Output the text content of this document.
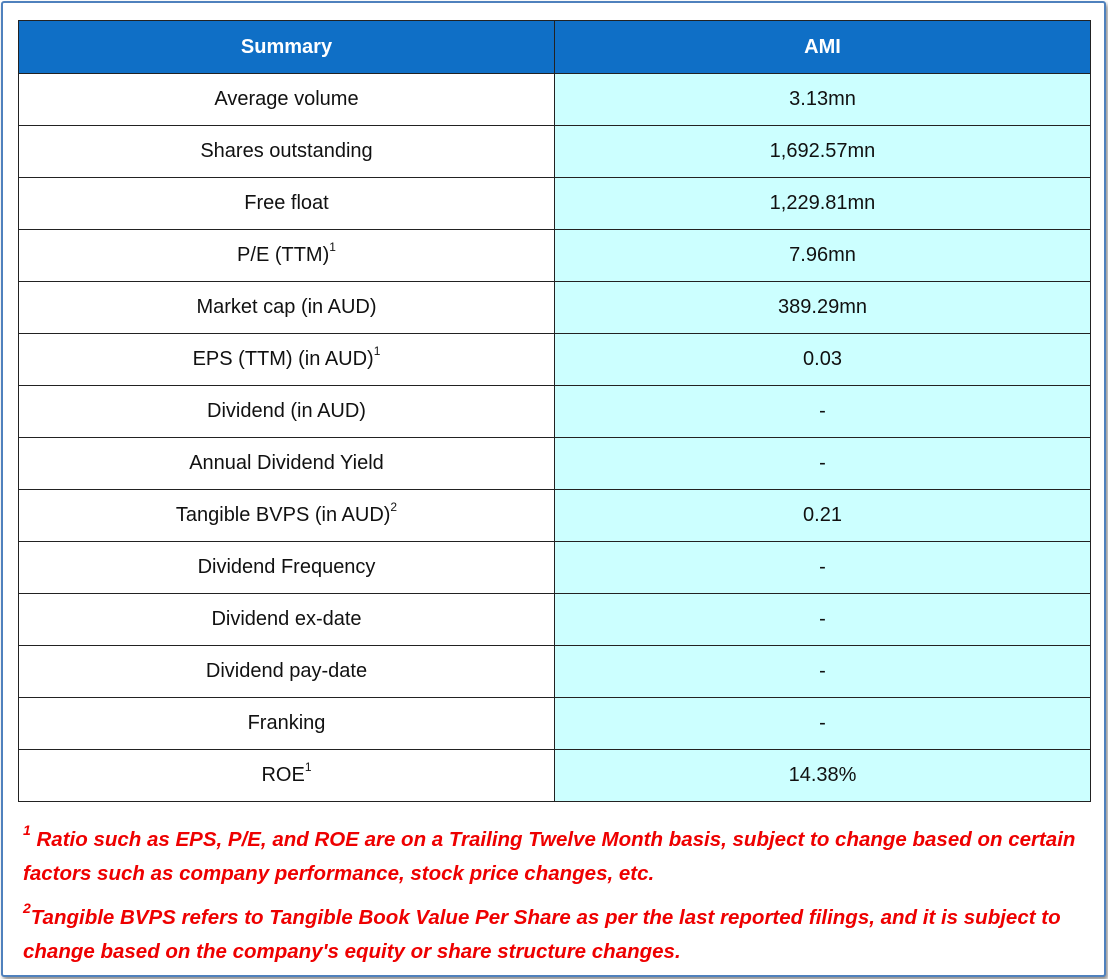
Summary	AMI
Average volume	3.13mn
Shares outstanding	1,692.57mn
Free float	1,229.81mn
P/E (TTM)$^1$	7.96mn
Market cap (in AUD)	389.29mn
EPS (TTM) (in AUD)$^1$	0.03
Dividend (in AUD)	-
Annual Dividend Yield	-
Tangible BVPS (in AUD)$^2$	0.21
Dividend Frequency	-
Dividend ex-date	-
Dividend pay-date	-
Franking	-
ROE$^1$	14.38%

$^1$ Ratio such as EPS, P/E, and ROE are on a Trailing Twelve Month basis, subject to change based on certain factors such as company performance, stock price changes, etc.

$^2$Tangible BVPS refers to Tangible Book Value Per Share as per the last reported filings, and it is subject to change based on the company's equity or share structure changes.
